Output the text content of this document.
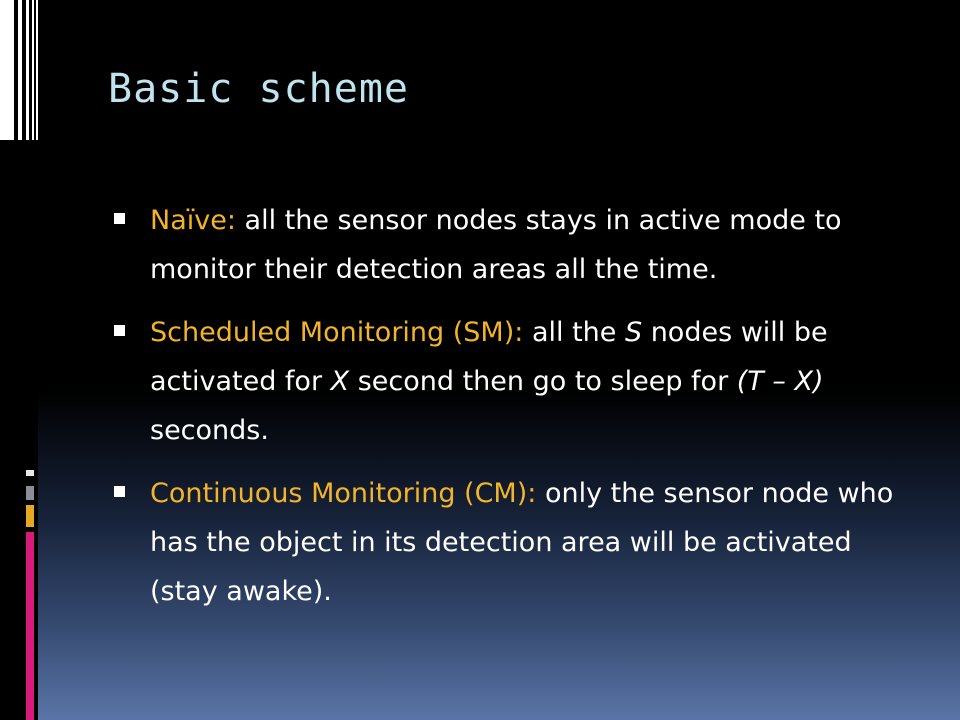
Basic scheme
Naïve: all the sensor nodes stays in active mode to monitor their detection areas all the time.
Scheduled Monitoring (SM): all the S nodes will be activated for X second then go to sleep for (T – X) seconds.
Continuous Monitoring (CM): only the sensor node who has the object in its detection area will be activated (stay awake).
